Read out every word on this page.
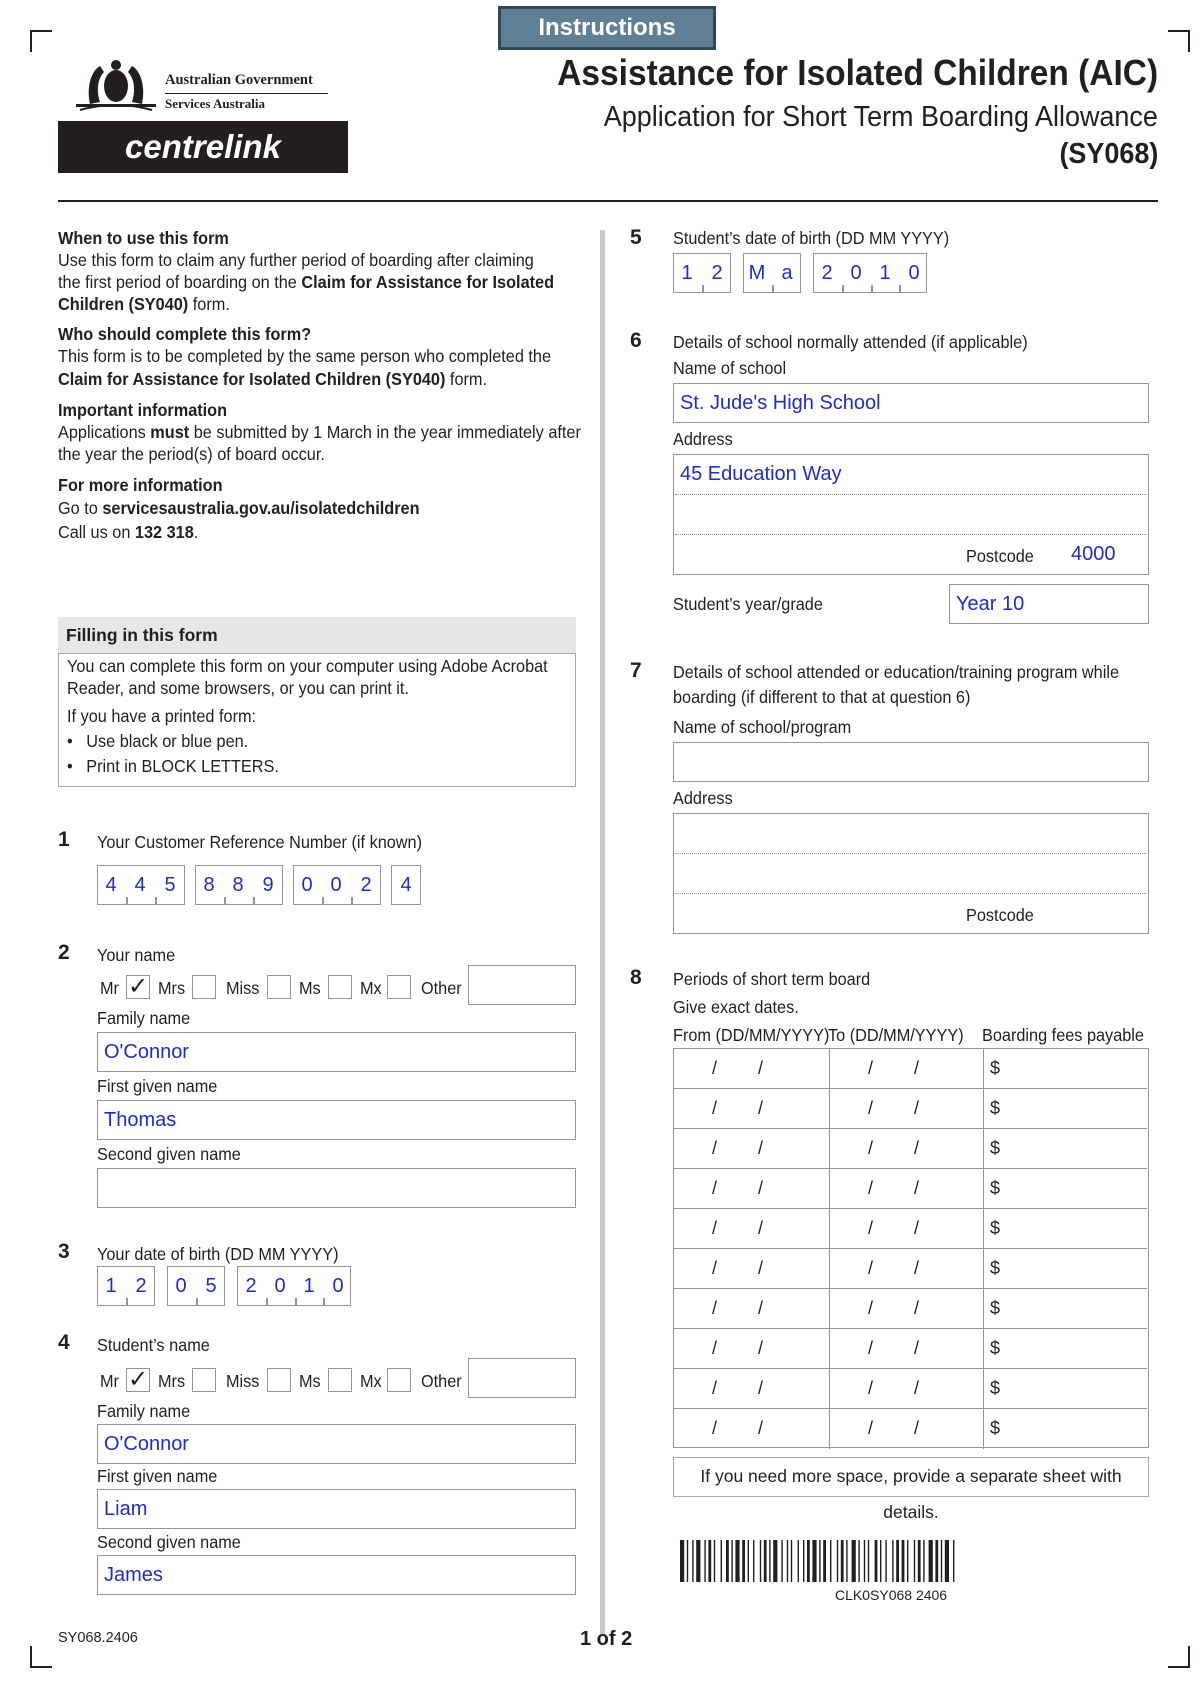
Instructions
Australian Government
Services Australia
centrelink
Assistance for Isolated Children (AIC)
Application for Short Term Boarding Allowance
(SY068)
When to use this form
Use this form to claim any further period of boarding after claiming
the first period of boarding on the Claim for Assistance for Isolated
Children (SY040) form.
Who should complete this form?
This form is to be completed by the same person who completed the
Claim for Assistance for Isolated Children (SY040) form.
Important information
Applications must be submitted by 1 March in the year immediately after
the year the period(s) of board occur.
For more information
Go to servicesaustralia.gov.au/isolatedchildren
Call us on 132 318.
Filling in this form
You can complete this form on your computer using Adobe Acrobat
Reader, and some browsers, or you can print it.
If you have a printed form:
•   Use black or blue pen.
•   Print in BLOCK LETTERS.
1 Your Customer Reference Number (if known)
4 4 5 8 8 9 0 0 2 4
2 Your name
Mr ✓ Mrs Miss Ms Mx Other
Family name
O'Connor
First given name
Thomas
Second given name
3 Your date of birth (DD MM YYYY)
1 2 0 5 2 0 1 0
4 Student’s name
Mr ✓ Mrs Miss Ms Mx Other
Family name
O'Connor
First given name
Liam
Second given name
James
5 Student’s date of birth (DD MM YYYY)
1 2 M a 2 0 1 0
6 Details of school normally attended (if applicable)
Name of school
St. Jude's High School
Address
45 Education Way
Postcode 4000
Student’s year/grade	Year 10
7 Details of school attended or education/training program while
boarding (if different to that at question 6)
Name of school/program
Address
Postcode
8 Periods of short term board
Give exact dates.
From (DD/MM/YYYY)
To (DD/MM/YYYY) Boarding fees payable
/ /	/ /	$
/ /	/ /	$
/ /	/ /	$
/ /	/ /	$
/ /	/ /	$
/ /	/ /	$
/ /	/ /	$
/ /	/ /	$
/ /	/ /	$
/ /	/ /	$
If you need more space, provide a separate sheet with details.
CLK0SY068 2406
SY068.2406	1 of 2
